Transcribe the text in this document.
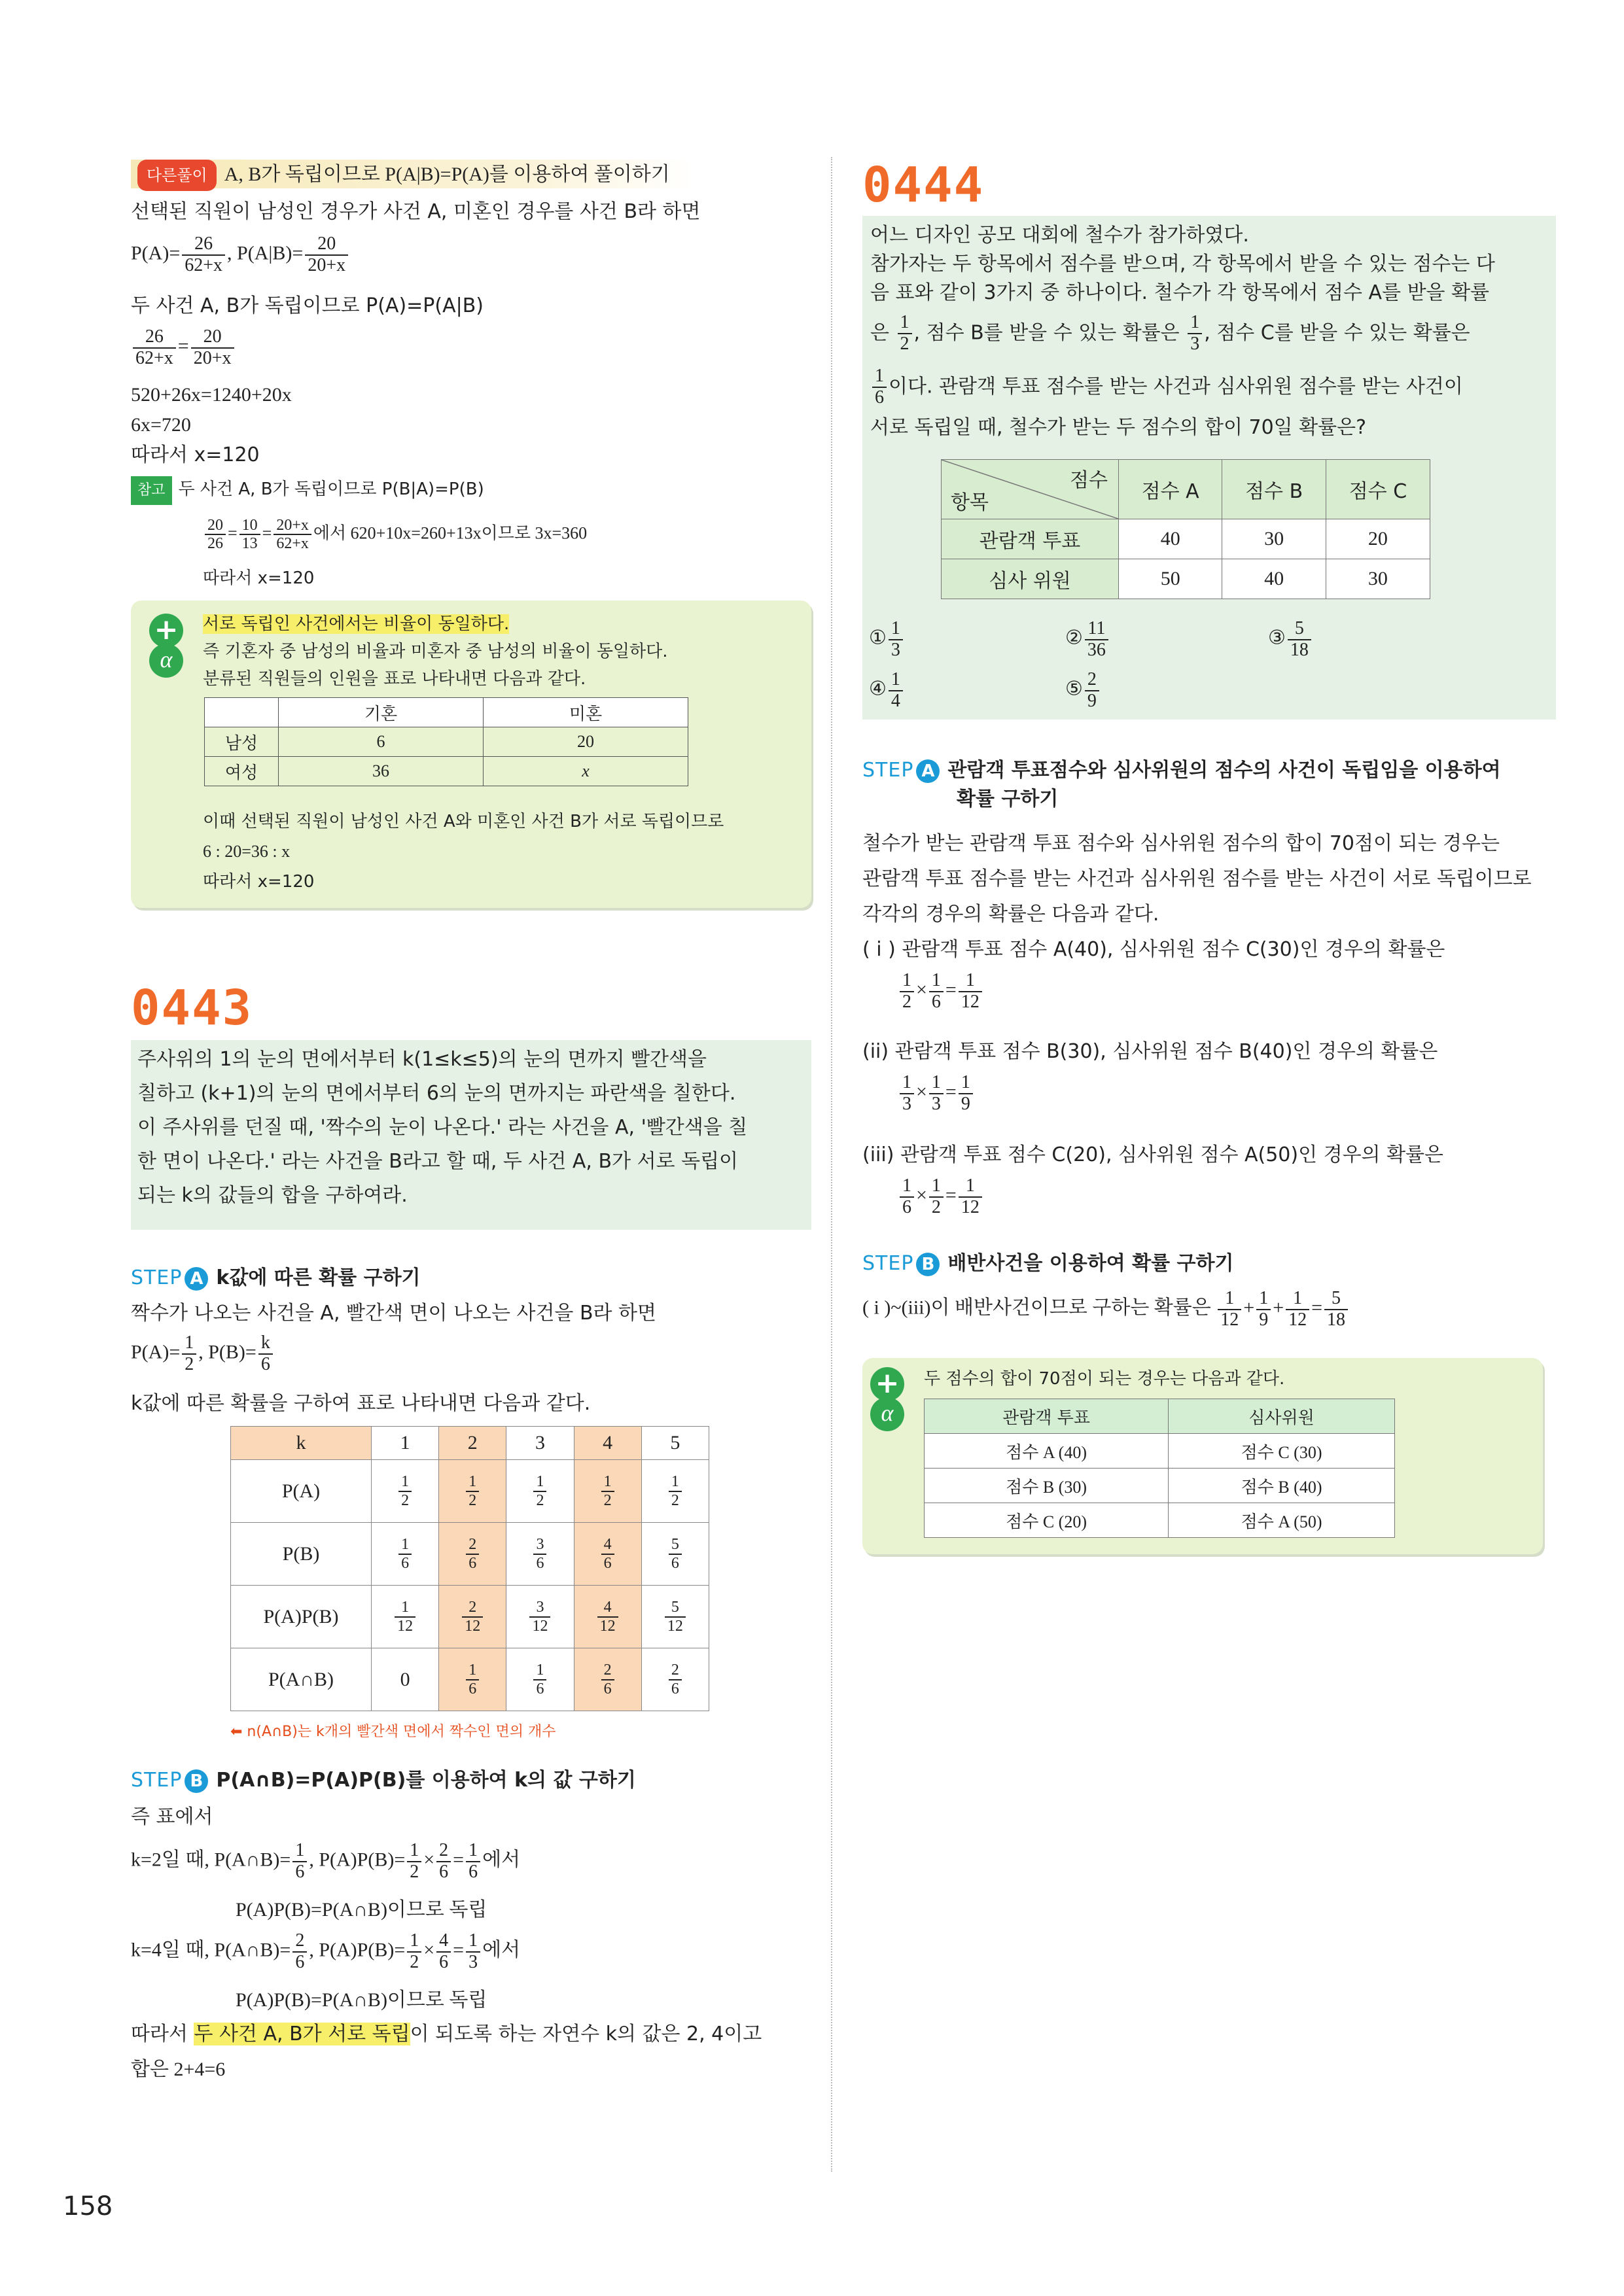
다른풀이 A, B가 독립이므로 P(A|B)=P(A)를 이용하여 풀이하기
선택된 직원이 남성인 경우가 사건 A, 미혼인 경우를 사건 B라 하면
$P(A)= \frac{26}{62+x}$ , $P(A|B)= \frac{20}{20+x}$
두 사건 A, B가 독립이므로 P(A)=P(A|B)
$\frac{26}{62+x} = \frac{20}{20+x}$
520+26x=1240+20x
6x=720
따라서 x=120
참고 두 사건 A, B가 독립이므로 P(B|A)=P(B)
$\frac{20}{26} = \frac{10}{13} = \frac{20+x}{62+x}$ 에서 620+10x=260+13x이므로 3x=360
따라서 x=120
+
α
서로 독립인 사건에서는 비율이 동일하다.
즉 기혼자 중 남성의 비율과 미혼자 중 남성의 비율이 동일하다.
분류된 직원들의 인원을 표로 나타내면 다음과 같다.
	기혼	미혼
남성	6	20
여성	36	x
이때 선택된 직원이 남성인 사건 A와 미혼인 사건 B가 서로 독립이므로
6 : 20=36 : x
따라서 x=120
0443
주사위의 1의 눈의 면에서부터 k(1≤k≤5)의 눈의 면까지 빨간색을
칠하고 (k+1)의 눈의 면에서부터 6의 눈의 면까지는 파란색을 칠한다.
이 주사위를 던질 때, '짝수의 눈이 나온다.' 라는 사건을 A, '빨간색을 칠
한 면이 나온다.' 라는 사건을 B라고 할 때, 두 사건 A, B가 서로 독립이
되는 k의 값들의 합을 구하여라.
STEP A k값에 따른 확률 구하기
짝수가 나오는 사건을 A, 빨간색 면이 나오는 사건을 B라 하면
$P(A)= \frac{1}{2}$ , $P(B)= \frac{k}{6}$
k값에 따른 확률을 구하여 표로 나타내면 다음과 같다.
k	1	2	3	4	5
P(A)	$\frac{1}{2}$	$\frac{1}{2}$	$\frac{1}{2}$	$\frac{1}{2}$	$\frac{1}{2}$

P(B)	$\frac{1}{6}$	$\frac{2}{6}$	$\frac{3}{6}$	$\frac{4}{6}$	$\frac{5}{6}$

P(A)P(B)	$\frac{1}{12}$	$\frac{2}{12}$	$\frac{3}{12}$	$\frac{4}{12}$	$\frac{5}{12}$

P(A∩B)	0	$\frac{1}{6}$	$\frac{1}{6}$	$\frac{2}{6}$	$\frac{2}{6}$
⬅ n(A∩B)는 k개의 빨간색 면에서 짝수인 면의 개수
STEP B P(A∩B)=P(A)P(B)를 이용하여 k의 값 구하기
즉 표에서
k=2일 때, P(A∩B)= $\frac{1}{6}$ , $P(A)P(B)= \frac{1}{2} \times \frac{2}{6} = \frac{1}{6}$ 에서
P(A)P(B)=P(A∩B)이므로 독립
k=4일 때, P(A∩B)= $\frac{2}{6}$ , $P(A)P(B)= \frac{1}{2} \times \frac{4}{6} = \frac{1}{3}$ 에서
P(A)P(B)=P(A∩B)이므로 독립
따라서 두 사건 A, B가 서로 독립이 되도록 하는 자연수 k의 값은 2, 4이고
합은 2+4=6
158
0444
어느 디자인 공모 대회에 철수가 참가하였다.
참가자는 두 항목에서 점수를 받으며, 각 항목에서 받을 수 있는 점수는 다
음 표와 같이 3가지 중 하나이다. 철수가 각 항목에서 점수 A를 받을 확률
은 $\frac{1}{2}$ , 점수 B를 받을 수 있는 확률은 $\frac{1}{3}$ , 점수 C를 받을 수 있는 확률은
$\frac{1}{6}$ 이다. 관람객 투표 점수를 받는 사건과 심사위원 점수를 받는 사건이
서로 독립일 때, 철수가 받는 두 점수의 합이 70일 확률은?
점수
항목	점수 A	점수 B	점수 C
관람객 투표	40	30	20
심사 위원	50	40	30
① $\frac{1}{3}$	② $\frac{11}{36}$	③ $\frac{5}{18}$
④ $\frac{1}{4}$	⑤ $\frac{2}{9}$
STEP A 관람객 투표점수와 심사위원의 점수의 사건이 독립임을 이용하여
확률 구하기
철수가 받는 관람객 투표 점수와 심사위원 점수의 합이 70점이 되는 경우는
관람객 투표 점수를 받는 사건과 심사위원 점수를 받는 사건이 서로 독립이므로
각각의 경우의 확률은 다음과 같다.
( i ) 관람객 투표 점수 A(40), 심사위원 점수 C(30)인 경우의 확률은
$\frac{1}{2} \times \frac{1}{6} = \frac{1}{12}$
(ii) 관람객 투표 점수 B(30), 심사위원 점수 B(40)인 경우의 확률은
$\frac{1}{3} \times \frac{1}{3} = \frac{1}{9}$
(iii) 관람객 투표 점수 C(20), 심사위원 점수 A(50)인 경우의 확률은
$\frac{1}{6} \times \frac{1}{2} = \frac{1}{12}$
STEP B 배반사건을 이용하여 확률 구하기
( i )~(iii)이 배반사건이므로 구하는 확률은 $\frac{1}{12} + \frac{1}{9} + \frac{1}{12} = \frac{5}{18}$
+
α
두 점수의 합이 70점이 되는 경우는 다음과 같다.
관람객 투표	심사위원
점수 A (40)	점수 C (30)
점수 B (30)	점수 B (40)
점수 C (20)	점수 A (50)
